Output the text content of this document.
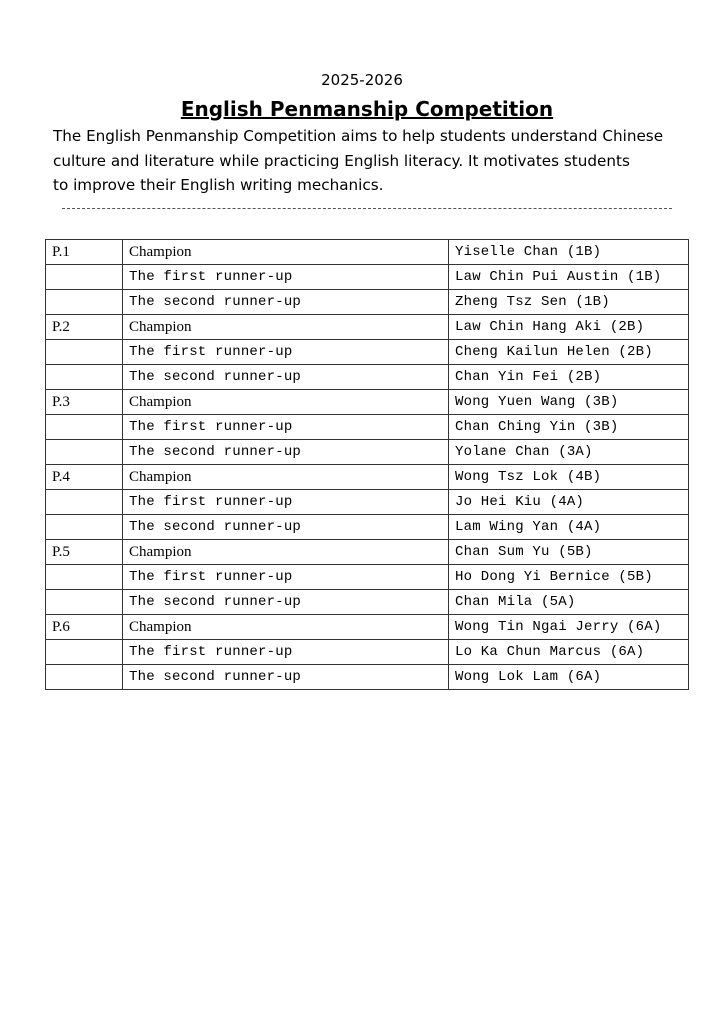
2025-2026
English Penmanship Competition

The English Penmanship Competition aims to help students understand Chinese
culture and literature while practicing English literacy. It motivates students
to improve their English writing mechanics.

P.1	Champion	Yiselle Chan (1B)
	The first runner-up	Law Chin Pui Austin (1B)
	The second runner-up	Zheng Tsz Sen (1B)
P.2	Champion	Law Chin Hang Aki (2B)
	The first runner-up	Cheng Kailun Helen (2B)
	The second runner-up	Chan Yin Fei (2B)
P.3	Champion	Wong Yuen Wang (3B)
	The first runner-up	Chan Ching Yin (3B)
	The second runner-up	Yolane Chan (3A)
P.4	Champion	Wong Tsz Lok (4B)
	The first runner-up	Jo Hei Kiu (4A)
	The second runner-up	Lam Wing Yan (4A)
P.5	Champion	Chan Sum Yu (5B)
	The first runner-up	Ho Dong Yi Bernice (5B)
	The second runner-up	Chan Mila (5A)
P.6	Champion	Wong Tin Ngai Jerry (6A)
	The first runner-up	Lo Ka Chun Marcus (6A)
	The second runner-up	Wong Lok Lam (6A)
